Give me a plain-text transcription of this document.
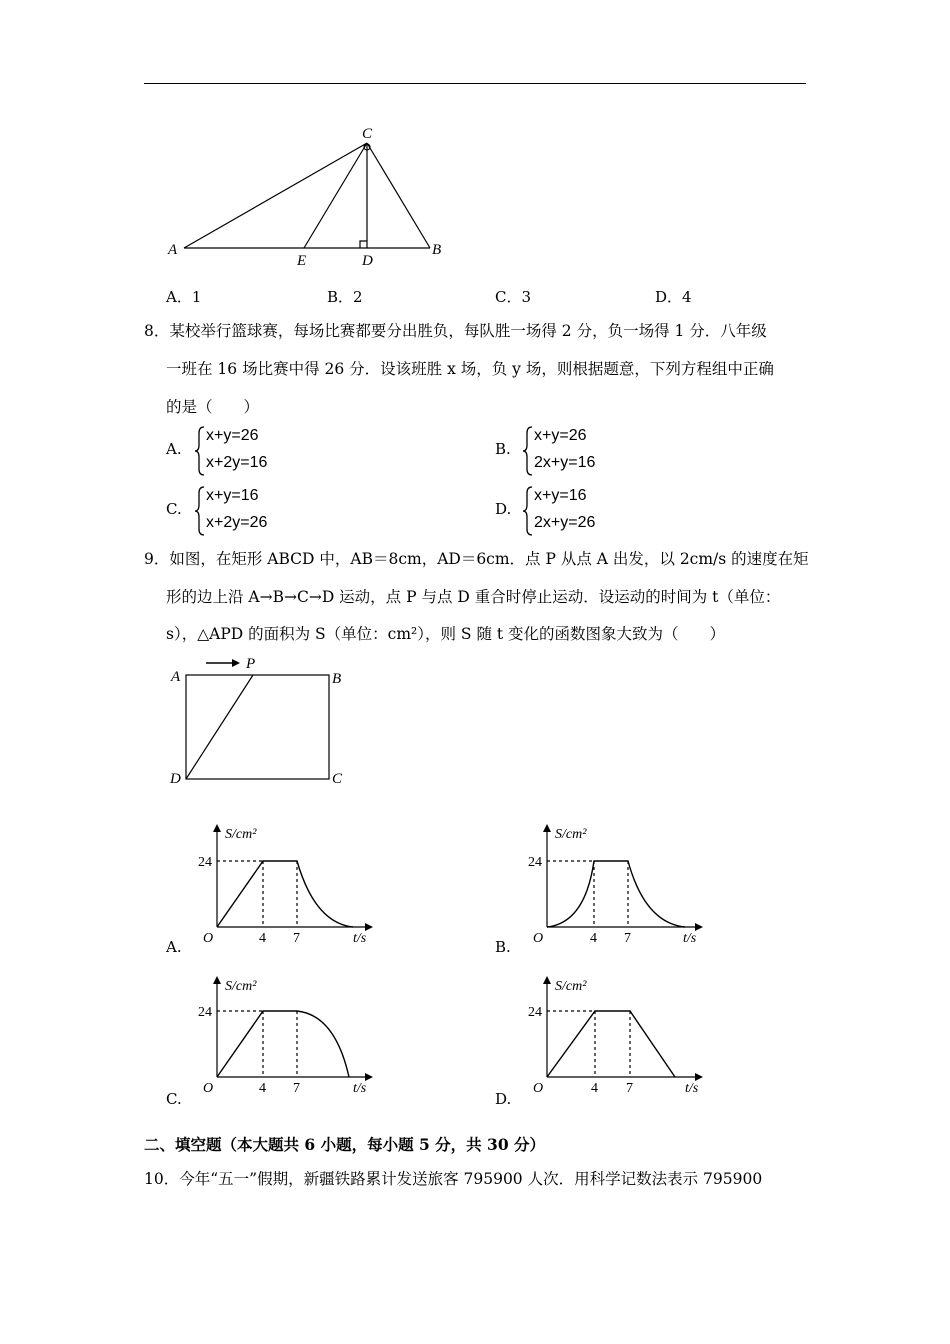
A
C
B
E	D
A．1	B．2	C．3	D．4
8．某校举行篮球赛，每场比赛都要分出胜负，每队胜一场得 2 分，负一场得 1 分．八年级
一班在 16 场比赛中得 26 分．设该班胜 x 场，负 y 场，则根据题意，下列方程组中正确
的是（　　）
A.
x+y=26
x+2y=16
B.
x+y=26
2x+y=16
C.
x+y=16
x+2y=26
D.
x+y=16
2x+y=26
9．如图，在矩形 ABCD 中，AB＝8cm，AD＝6cm．点 P 从点 A 出发，以 2cm/s 的速度在矩
形的边上沿 A→B→C→D 运动，点 P 与点 D 重合时停止运动．设运动的时间为 t（单位：
s），△APD 的面积为 S（单位：cm²），则 S 随 t 变化的函数图象大致为（　　）
A
P
B
D	C
S/cm²
24
O	4 7	t/s
A.
S/cm²
24
O	4 7	t/s
B.
S/cm²
24
O	4 7	t/s
C.
S/cm²
24
O	4 7	t/s
D.
二、填空题（本大题共 6 小题，每小题 5 分，共 30 分）
10．今年“五一”假期，新疆铁路累计发送旅客 795900 人次．用科学记数法表示 795900
